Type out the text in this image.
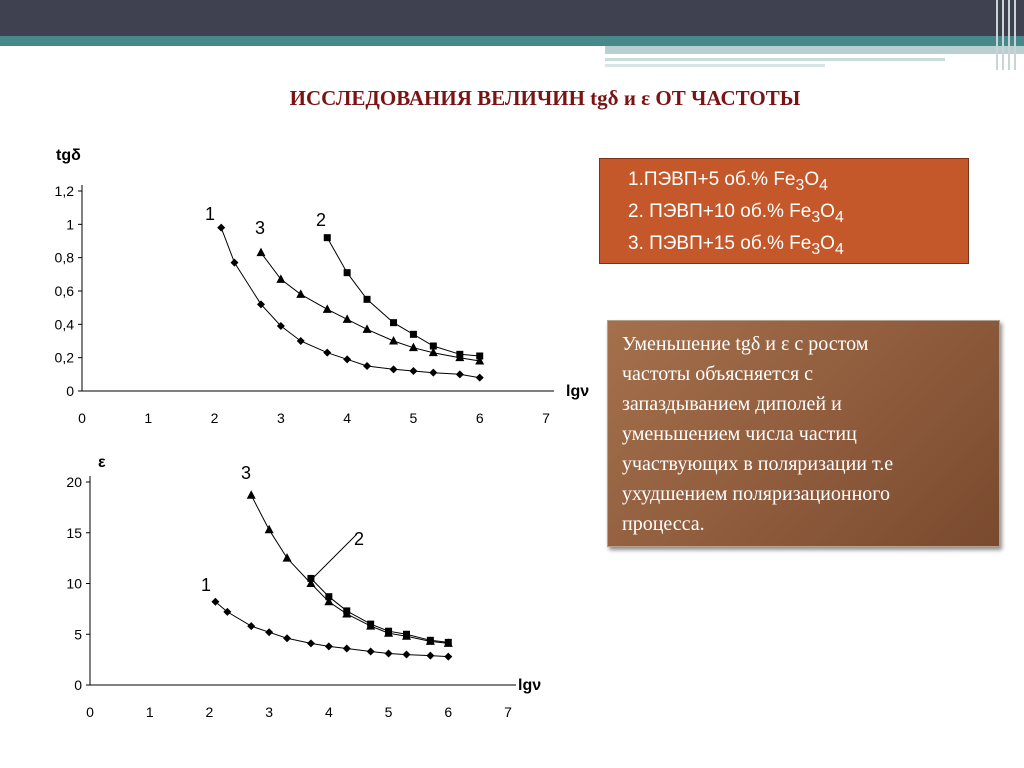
ИССЛЕДОВАНИЯ ВЕЛИЧИН tgδ и ε ОТ ЧАСТОТЫ
0
0,2
0,4
0,6
0,8
1
1,2
0	1	2	3	4	5	6	7
tgδ
lgν
1	2
3
0
5
10
15
20
0	1	2	3	4	5	6	7
ε
lgν
1
2
3
1.ПЭВП+5 об.% $Fe_3O_4$
2. ПЭВП+10 об.% $Fe_3O_4$
3. ПЭВП+15 об.% $Fe_3O_4$
Уменьшение tgδ и ε с ростом
частоты объясняется с
запаздыванием диполей и
уменьшением числа частиц
участвующих в поляризации т.е
ухудшением поляризационного
процесса.
